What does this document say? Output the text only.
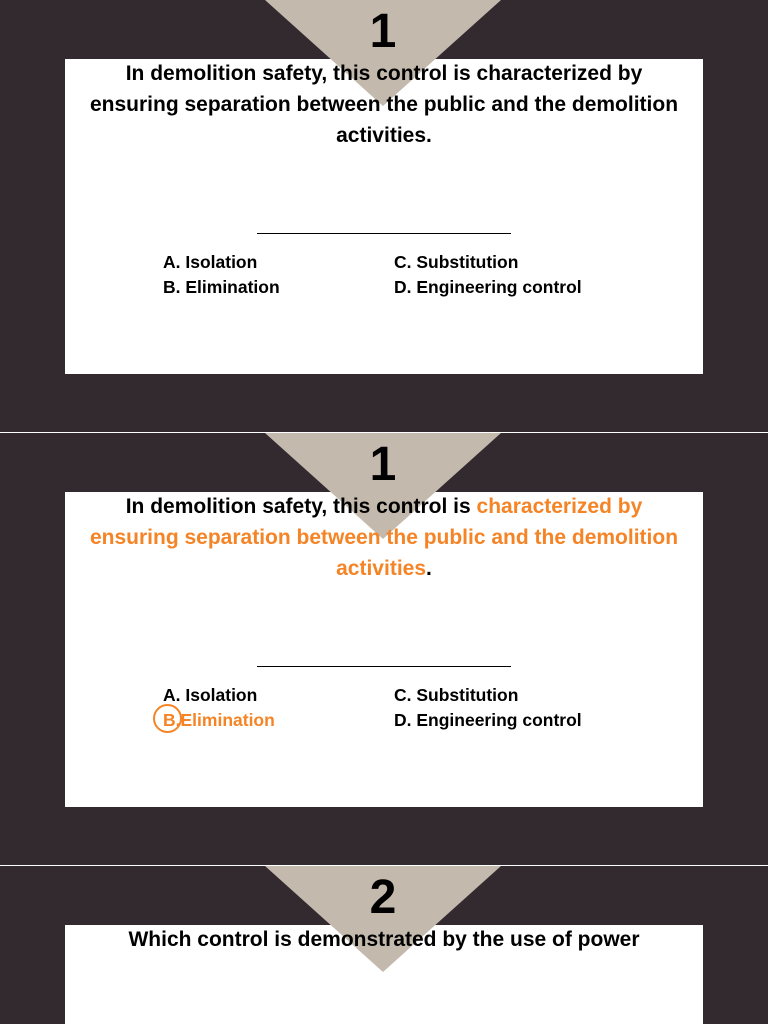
1
In demolition safety, this control is characterized by ensuring separation between the public and the demolition activities.
A. Isolation
B. Elimination
C. Substitution
D. Engineering control
1
In demolition safety, this control is characterized by ensuring separation between the public and the demolition activities.
A. Isolation
B.Elimination
C. Substitution
D. Engineering control
2
Which control is demonstrated by the use of power
